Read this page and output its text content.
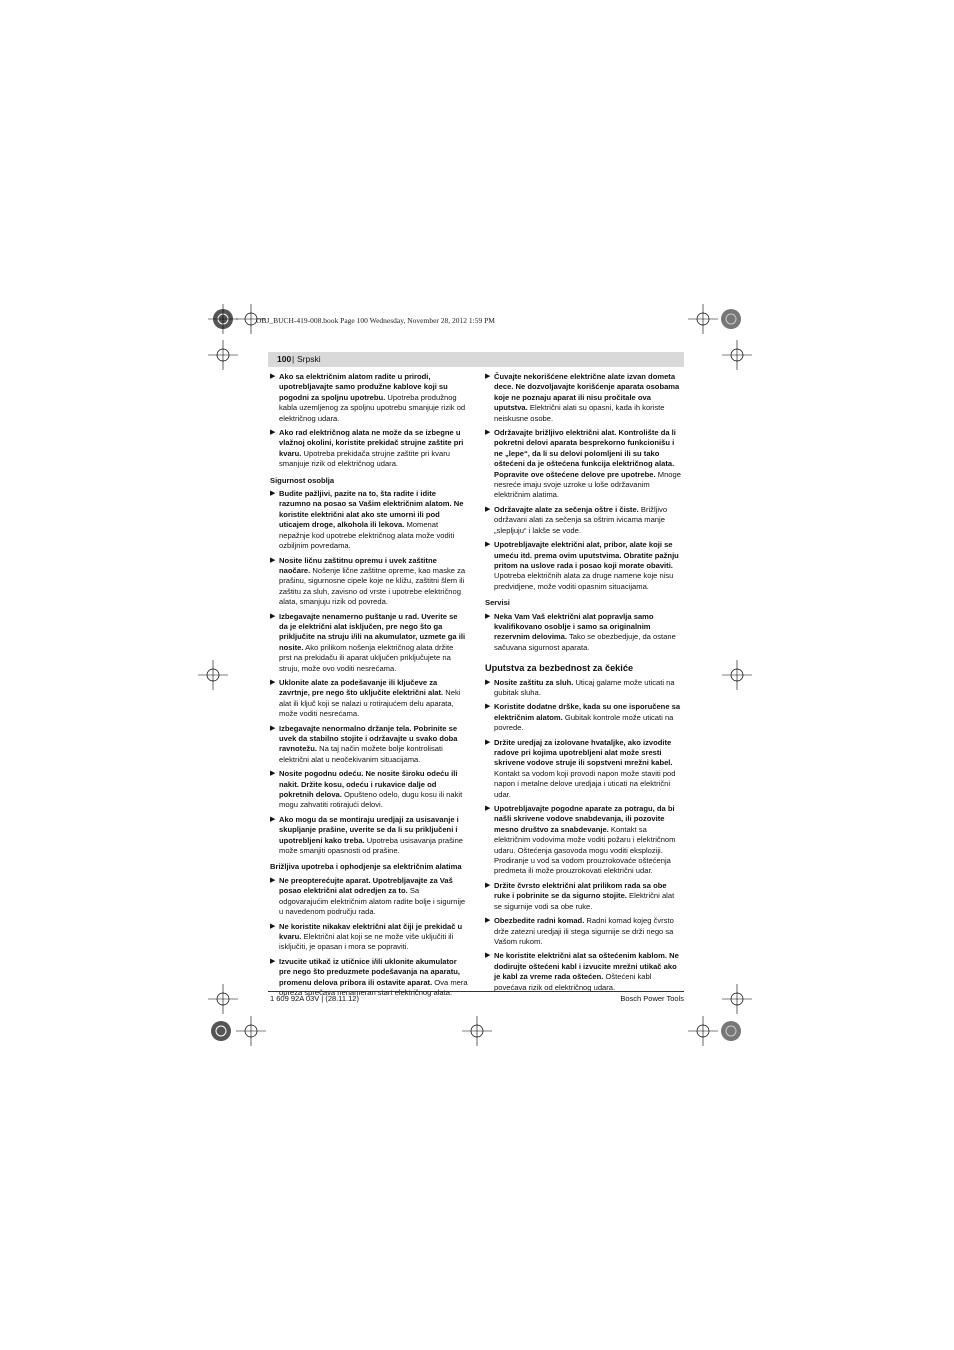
OBJ_BUCH-419-008.book Page 100 Wednesday, November 28, 2012 1:59 PM
100 | Srpski
▶ Ako sa električnim alatom radite u prirodi, upotrebljavajte samo produžne kablove koji su pogodni za spoljnu upotrebu. Upotreba produžnog kabla uzemljenog za spoljnu upotrebu smanjuje rizik od električnog udara.
▶ Ako rad električnog alata ne može da se izbegne u vlažnoj okolini, koristite prekidač strujne zaštite pri kvaru. Upotreba prekidača strujne zaštite pri kvaru smanjuje rizik od električnog udara.
Sigurnost osoblja
▶ Budite pažljivi, pazite na to, šta radite i idite razumno na posao sa Vašim električnim alatom. Ne koristite električni alat ako ste umorni ili pod uticajem droge, alkohola ili lekova. Momenat nepažnje kod upotrebe električnog alata može voditi ozbiljnim povredama.
▶ Nosite ličnu zaštitnu opremu i uvek zaštitne naočare. Nošenje lične zaštitne opreme, kao maske za prašinu, sigurnosne cipele koje ne kližu, zaštitni šlem ili zaštitu za sluh, zavisno od vrste i upotrebe električnog alata, smanjuju rizik od povreda.
▶ Izbegavajte nenamerno puštanje u rad. Uverite se da je električni alat isključen, pre nego što ga priključite na struju i/ili na akumulator, uzmete ga ili nosite. Ako prilikom nošenja električnog alata držite prst na prekidaču ili aparat uključen priključujete na struju, može ovo voditi nesrećama.
▶ Uklonite alate za podešavanje ili ključeve za zavrtnje, pre nego što uključite električni alat. Neki alat ili ključ koji se nalazi u rotirajućem delu aparata, može voditi nesrećama.
▶ Izbegavajte nenormalno držanje tela. Pobrinite se uvek da stabilno stojite i održavajte u svako doba ravnotežu. Na taj način možete bolje kontrolisati električni alat u neočekivanim situacijama.
▶ Nosite pogodnu odeću. Ne nosite široku odeću ili nakit. Držite kosu, odeću i rukavice dalje od pokretnih delova. Opušteno odelo, dugu kosu ili nakit mogu zahvatiti rotirajući delovi.
▶ Ako mogu da se montiraju uredjaji za usisavanje i skupljanje prašine, uverite se da li su priključeni i upotrebljeni kako treba. Upotreba usisavanja prašine može smanjiti opasnosti od prašine.
Brižljiva upotreba i ophodjenje sa električnim alatima
▶ Ne preopterećujte aparat. Upotrebljavajte za Vaš posao električni alat odredjen za to. Sa odgovarajućim električnim alatom radite bolje i sigurnije u navedenom području rada.
▶ Ne koristite nikakav električni alat čiji je prekidač u kvaru. Električni alat koji se ne može više uključiti ili isključiti, je opasan i mora se popraviti.
▶ Izvucite utikač iz utičnice i/ili uklonite akumulator pre nego što preduzmete podešavanja na aparatu, promenu delova pribora ili ostavite aparat. Ova mera opreza sprečava nenameran start električnog alata.
▶ Čuvajte nekorišćene električne alate izvan dometa dece. Ne dozvoljavajte korišćenje aparata osobama koje ne poznaju aparat ili nisu pročitale ova uputstva. Električni alati su opasni, kada ih koriste neiskusne osobe.
▶ Održavajte brižljivo električni alat. Kontrolište da li pokretni delovi aparata besprekorno funkcionišu i ne „lepe“, da li su delovi polomljeni ili su tako oštećeni da je oštećena funkcija električnog alata. Popravite ove oštećene delove pre upotrebe. Mnoge nesreće imaju svoje uzroke u loše održavanim električnim alatima.
▶ Održavajte alate za sečenja oštre i čiste. Brižljivo održavani alati za sečenja sa oštrim ivicama manje „slepljuju“ i lakše se vode.
▶ Upotrebljavajte električni alat, pribor, alate koji se umeću itd. prema ovim uputstvima. Obratite pažnju pritom na uslove rada i posao koji morate obaviti. Upotreba električnih alata za druge namene koje nisu predvidjene, može voditi opasnim situacijama.
Servisi
▶ Neka Vam Vaš električni alat popravlja samo kvalifikovano osoblje i samo sa originalnim rezervnim delovima. Tako se obezbedjuje, da ostane sačuvana sigurnost aparata.
Uputstva za bezbednost za čekiće
▶ Nosite zaštitu za sluh. Uticaj galame može uticati na gubitak sluha.
▶ Koristite dodatne drške, kada su one isporučene sa električnim alatom. Gubitak kontrole može uticati na povrede.
▶ Držite uredjaj za izolovane hvataljke, ako izvodite radove pri kojima upotrebljeni alat može sresti skrivene vodove struje ili sopstveni mrežni kabel. Kontakt sa vodom koji provodi napon može staviti pod napon i metalne delove uredjaja i uticati na električni udar.
▶ Upotrebljavajte pogodne aparate za potragu, da bi našli skrivene vodove snabdevanja, ili pozovite mesno društvo za snabdevanje. Kontakt sa električnim vodovima može voditi požaru i električnom udaru. Oštećenja gasovoda mogu voditi eksploziji. Prodiranje u vod sa vodom prouzrokovaće oštećenja predmeta ili može prouzrokovati električni udar.
▶ Držite čvrsto električni alat prilikom rada sa obe ruke i pobrinite se da sigurno stojite. Električni alat se sigurnije vodi sa obe ruke.
▶ Obezbedite radni komad. Radni komad kojeg čvrsto drže zatezni uredjaji ili stega sigurnije se drži nego sa Vašom rukom.
▶ Ne koristite električni alat sa oštećenim kablom. Ne dodirujte oštećeni kabl i izvucite mrežni utikač ako je kabl za vreme rada oštećen. Oštećeni kabl povećava rizik od električnog udara.
1 609 92A 03V | (28.11.12)	Bosch Power Tools
